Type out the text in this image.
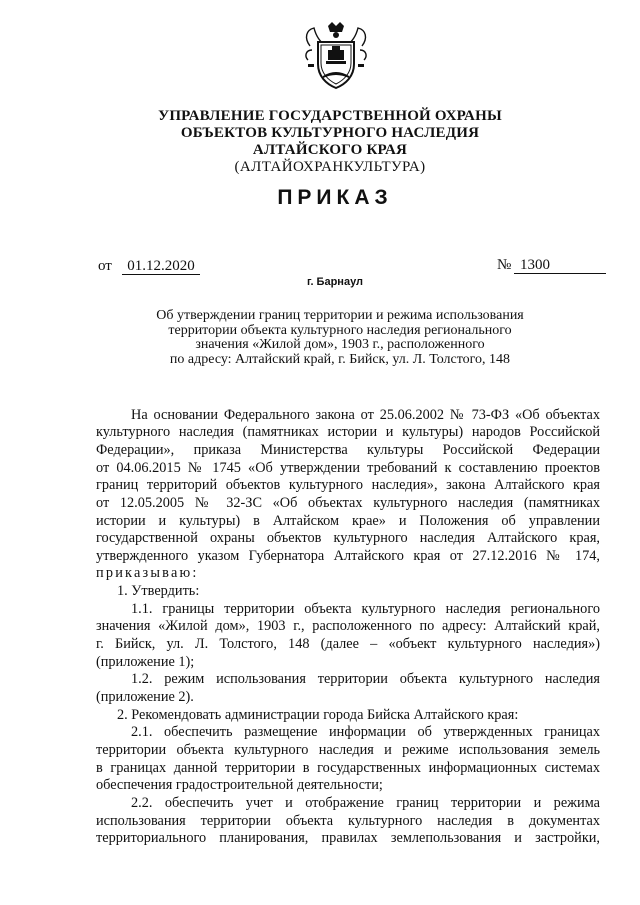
УПРАВЛЕНИЕ ГОСУДАРСТВЕННОЙ ОХРАНЫ
ОБЪЕКТОВ КУЛЬТУРНОГО НАСЛЕДИЯ
АЛТАЙСКОГО КРАЯ
(АЛТАЙОХРАНКУЛЬТУРА)
ПРИКАЗ
от	01.12.2020	№ 1300
г. Барнаул
Об утверждении границ территории и режима использования
территории объекта культурного наследия регионального
значения «Жилой дом», 1903 г., расположенного
по адресу: Алтайский край, г. Бийск, ул. Л. Толстого, 148
На основании Федерального закона от 25.06.2002 № 73-ФЗ «Об объектах
культурного наследия (памятниках истории и культуры) народов Российской
Федерации», приказа Министерства культуры Российской Федерации
от 04.06.2015 № 1745 «Об утверждении требований к составлению проектов
границ территорий объектов культурного наследия», закона Алтайского края
от 12.05.2005 № 32-ЗС «Об объектах культурного наследия (памятниках
истории и культуры) в Алтайском крае» и Положения об управлении
государственной охраны объектов культурного наследия Алтайского края,
утвержденного указом Губернатора Алтайского края от 27.12.2016 № 174,
приказываю:
1. Утвердить:
1.1. границы территории объекта культурного наследия регионального
значения «Жилой дом», 1903 г., расположенного по адресу: Алтайский край,
г. Бийск, ул. Л. Толстого, 148 (далее – «объект культурного наследия»)
(приложение 1);
1.2. режим использования территории объекта культурного наследия
(приложение 2).
2. Рекомендовать администрации города Бийска Алтайского края:
2.1. обеспечить размещение информации об утвержденных границах
территории объекта культурного наследия и режиме использования земель
в границах данной территории в государственных информационных системах
обеспечения градостроительной деятельности;
2.2. обеспечить учет и отображение границ территории и режима
использования территории объекта культурного наследия в документах
территориального планирования, правилах землепользования и застройки,
